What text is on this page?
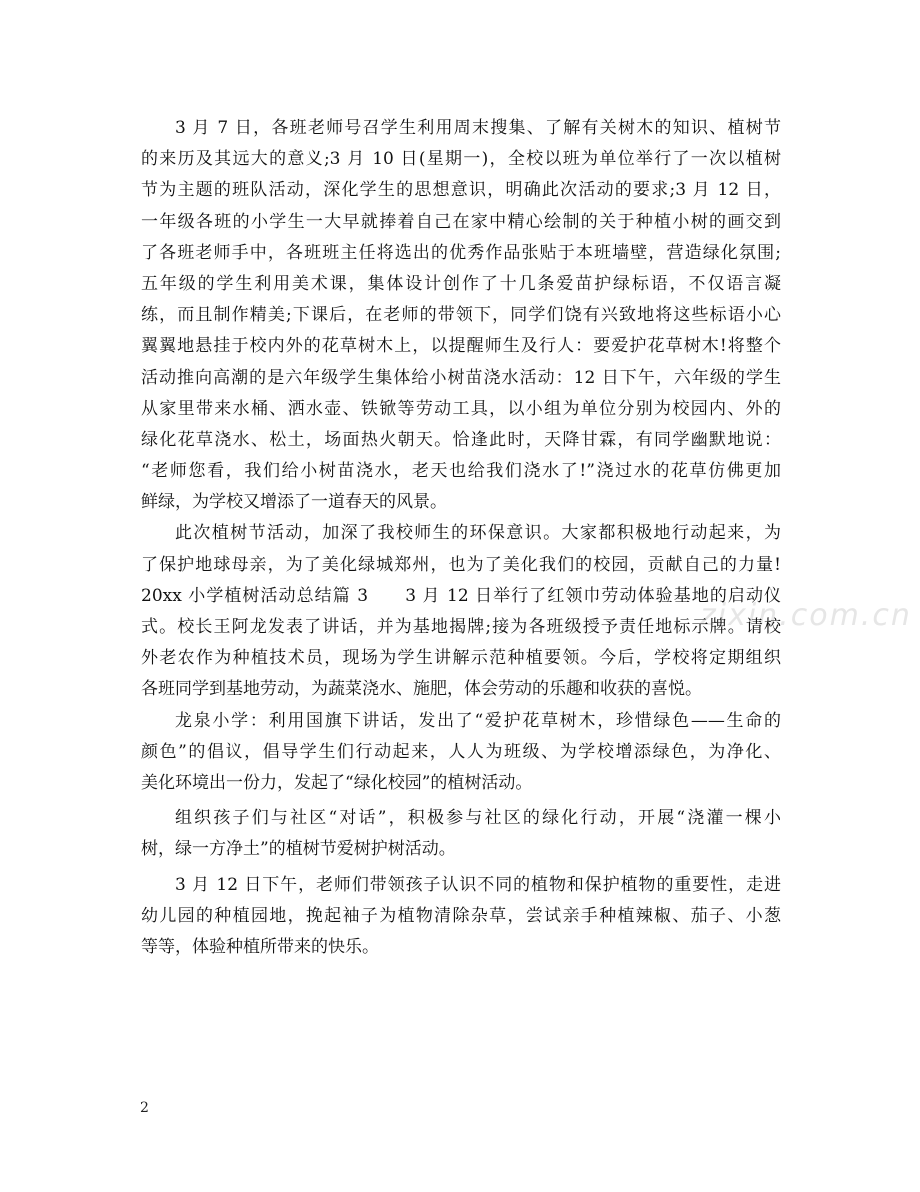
zixin.com.cn
3 月 7 日，各班老师号召学生利用周末搜集、了解有关树木的知识、植树节
的来历及其远大的意义;3 月 10 日(星期一)，全校以班为单位举行了一次以植树
节为主题的班队活动，深化学生的思想意识，明确此次活动的要求;3 月 12 日，
一年级各班的小学生一大早就捧着自己在家中精心绘制的关于种植小树的画交到
了各班老师手中，各班班主任将选出的优秀作品张贴于本班墙壁，营造绿化氛围;
五年级的学生利用美术课，集体设计创作了十几条爱苗护绿标语，不仅语言凝
练，而且制作精美;下课后，在老师的带领下，同学们饶有兴致地将这些标语小心
翼翼地悬挂于校内外的花草树木上，以提醒师生及行人：要爱护花草树木!将整个
活动推向高潮的是六年级学生集体给小树苗浇水活动：12 日下午，六年级的学生
从家里带来水桶、洒水壶、铁锨等劳动工具，以小组为单位分别为校园内、外的
绿化花草浇水、松土，场面热火朝天。恰逢此时，天降甘霖，有同学幽默地说：
“老师您看，我们给小树苗浇水，老天也给我们浇水了!”浇过水的花草仿佛更加
鲜绿，为学校又增添了一道春天的风景。
此次植树节活动，加深了我校师生的环保意识。大家都积极地行动起来，为
了保护地球母亲，为了美化绿城郑州，也为了美化我们的校园，贡献自己的力量!
20xx 小学植树活动总结篇 3　　3 月 12 日举行了红领巾劳动体验基地的启动仪
式。校长王阿龙发表了讲话，并为基地揭牌;接为各班级授予责任地标示牌。请校
外老农作为种植技术员，现场为学生讲解示范种植要领。今后，学校将定期组织
各班同学到基地劳动，为蔬菜浇水、施肥，体会劳动的乐趣和收获的喜悦。
龙泉小学：利用国旗下讲话，发出了“爱护花草树木，珍惜绿色——生命的
颜色”的倡议，倡导学生们行动起来，人人为班级、为学校增添绿色，为净化、
美化环境出一份力，发起了“绿化校园”的植树活动。
组织孩子们与社区“对话”，积极参与社区的绿化行动，开展“浇灌一棵小
树，绿一方净土”的植树节爱树护树活动。
3 月 12 日下午，老师们带领孩子认识不同的植物和保护植物的重要性，走进
幼儿园的种植园地，挽起袖子为植物清除杂草，尝试亲手种植辣椒、茄子、小葱
等等，体验种植所带来的快乐。
2
